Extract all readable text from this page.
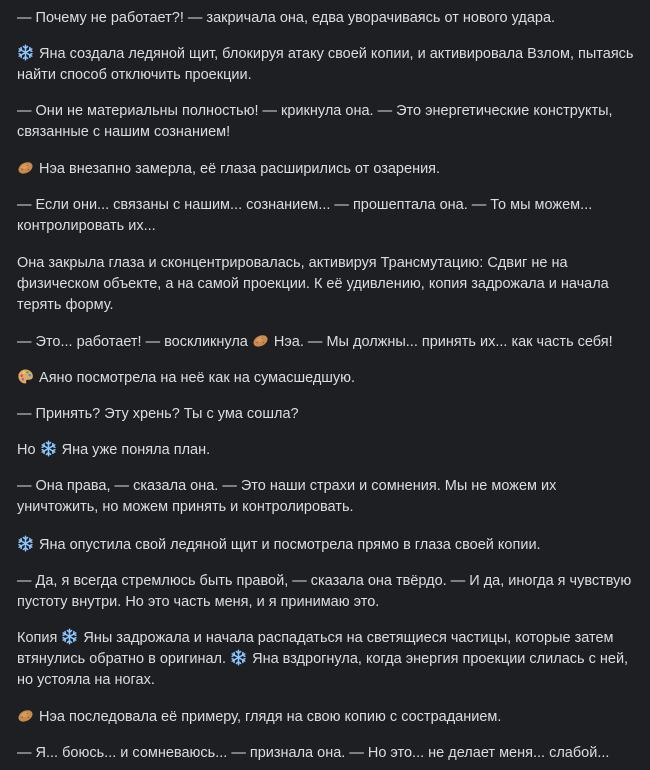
— Почему не работает?! — закричала она, едва уворачиваясь от нового удара.

Яна создала ледяной щит, блокируя атаку своей копии, и активировала Взлом, пытаясь найти способ отключить проекции.

— Они не материальны полностью! — крикнула она. — Это энергетические конструкты, связанные с нашим сознанием!

Нэа внезапно замерла, её глаза расширились от озарения.

— Если они... связаны с нашим... сознанием... — прошептала она. — То мы можем... контролировать их...

Она закрыла глаза и сконцентрировалась, активируя Трансмутацию: Сдвиг не на физическом объекте, а на самой проекции. К её удивлению, копия задрожала и начала терять форму.

— Это... работает! — воскликнула
Нэа. — Мы должны... принять их... как часть себя!

Аяно посмотрела на неё как на сумасшедшую.

— Принять? Эту хрень? Ты с ума сошла?

Но
Яна уже поняла план.

— Она права, — сказала она. — Это наши страхи и сомнения. Мы не можем их уничтожить, но можем принять и контролировать.

Яна опустила свой ледяной щит и посмотрела прямо в глаза своей копии.

— Да, я всегда стремлюсь быть правой, — сказала она твёрдо. — И да, иногда я чувствую пустоту внутри. Но это часть меня, и я принимаю это.

Копия
Яны задрожала и начала распадаться на светящиеся частицы, которые затем втянулись обратно в оригинал.
Яна вздрогнула, когда энергия проекции слилась с ней, но устояла на ногах.

Нэа последовала её примеру, глядя на свою копию с состраданием.

— Я... боюсь... и сомневаюсь... — признала она. — Но это... не делает меня... слабой...
